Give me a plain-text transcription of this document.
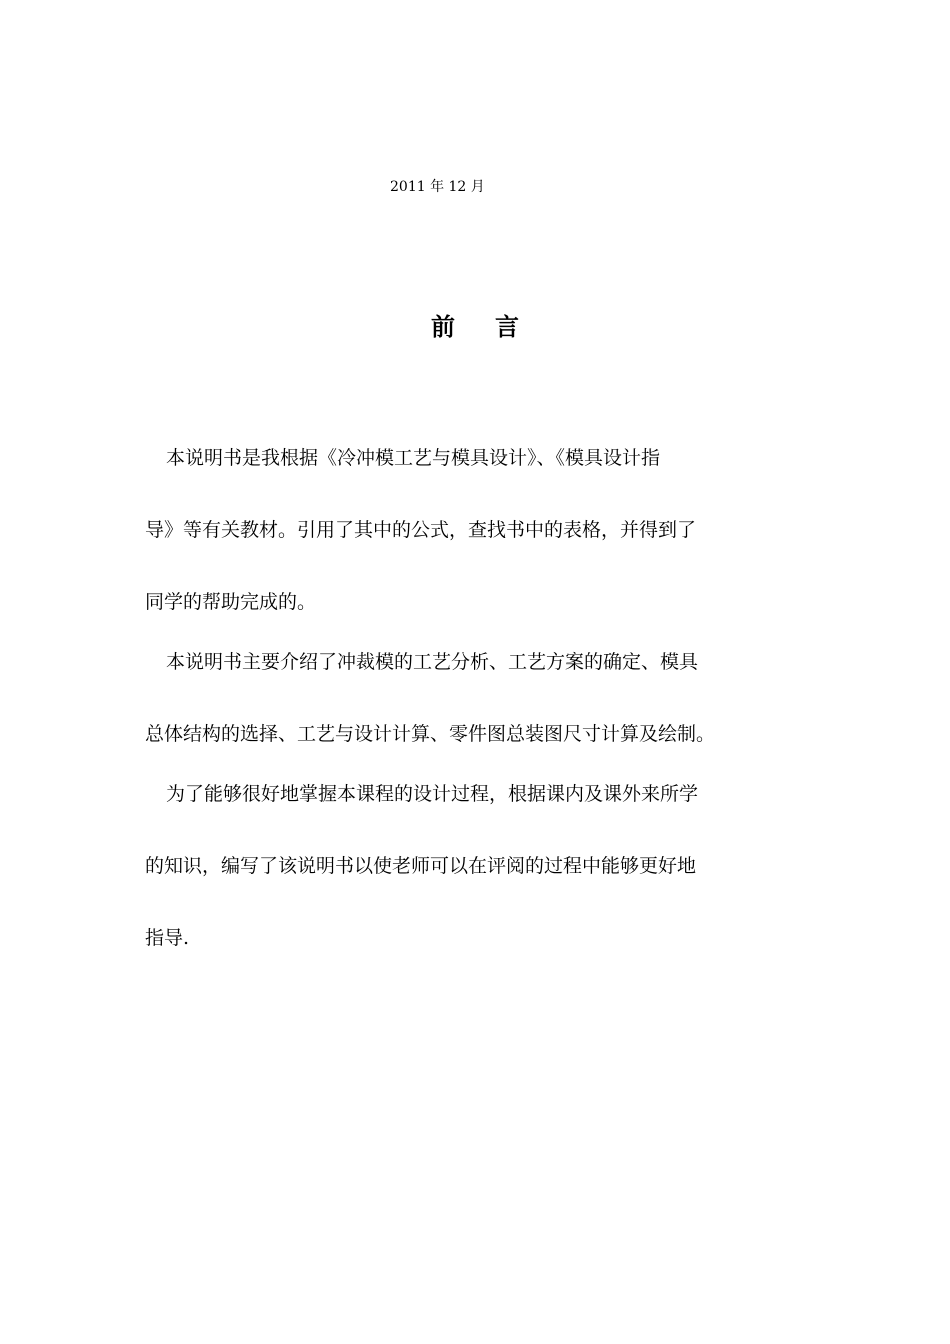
2011 年 12 月
前言

本说明书是我根据《冷冲模工艺与模具设计》、《模具设计指
导》等有关教材。引用了其中的公式，查找书中的表格，并得到了
同学的帮助完成的。

本说明书主要介绍了冲裁模的工艺分析、工艺方案的确定、模具
总体结构的选择、工艺与设计计算、零件图总装图尺寸计算及绘制。

为了能够很好地掌握本课程的设计过程，根据课内及课外来所学
的知识，编写了该说明书以使老师可以在评阅的过程中能够更好地
指导.
